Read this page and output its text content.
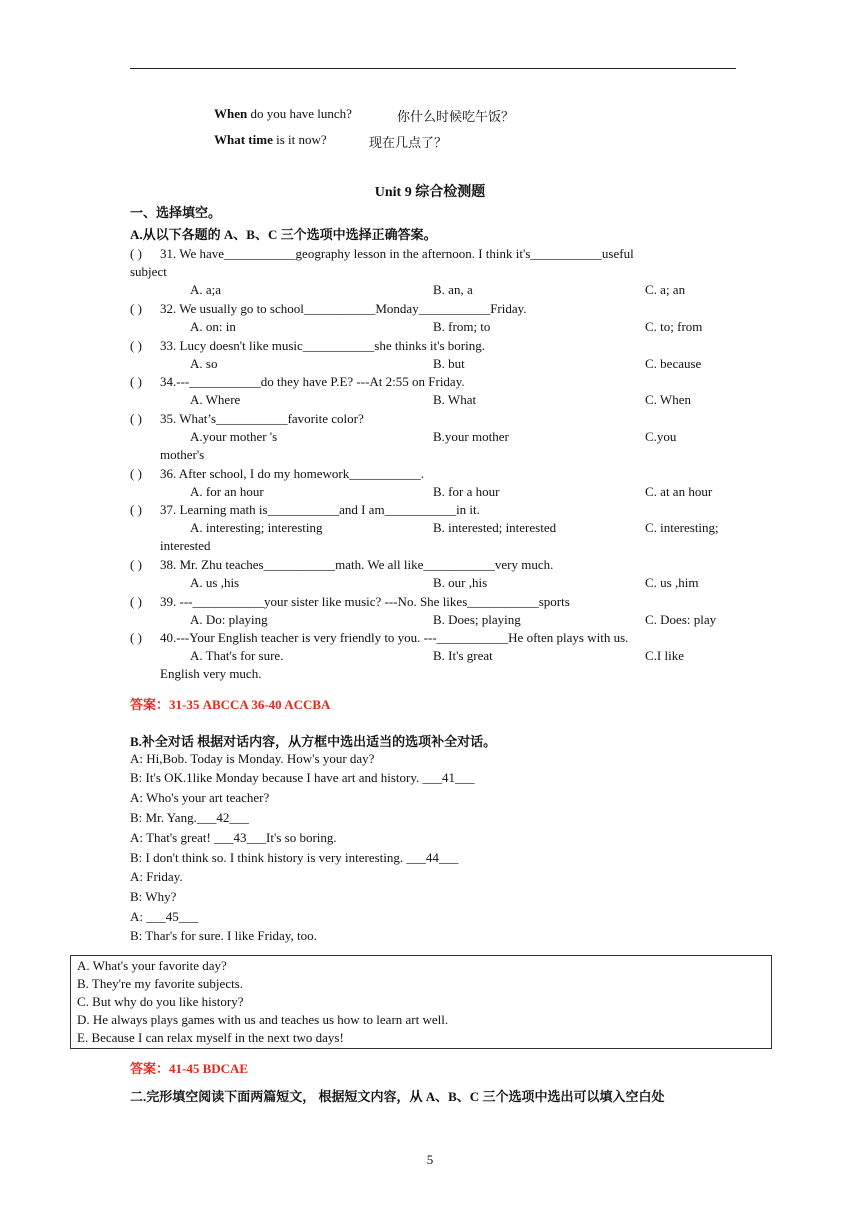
When do you have lunch?	你什么时候吃午饭？
What time is it now?	现在几点了？
Unit 9 综合检测题
一、选择填空。
A.从以下各题的 A、B、C 三个选项中选择正确答案。
( ) 31. We have___________geography lesson in the afternoon. I think it's___________useful
subject
A. a;a	B. an, a	C. a; an
( ) 32. We usually go to school___________Monday___________Friday.
A. on: in	B. from; to	C. to; from
( ) 33. Lucy doesn't like music___________she thinks it's boring.
A. so	B. but	C. because
( ) 34.---___________do they have P.E? ---At 2:55 on Friday.
A. Where	B. What	C. When
( ) 35. What’s___________favorite color?
A.your mother 's	B.your mother	C.you
mother's
( ) 36. After school, I do my homework___________.
A. for an hour	B. for a hour	C. at an hour
( ) 37. Learning math is___________and I am___________in it.
A. interesting; interesting	B. interested; interested	C. interesting;
interested
( ) 38. Mr. Zhu teaches___________math. We all like___________very much.
A. us ,his	B. our ,his	C. us ,him
( ) 39. ---___________your sister like music? ---No. She likes___________sports
A. Do: playing	B. Does; playing	C. Does: play
( ) 40.---Your English teacher is very friendly to you. ---___________He often plays with us.
A. That's for sure.	B. It's great	C.I like
English very much.
答案：31-35 ABCCA 36-40 ACCBA
B.补全对话 根据对话内容，从方框中选出适当的选项补全对话。
A: Hi,Bob. Today is Monday. How's your day?
B: It's OK.1like Monday because I have art and history. ___41___
A: Who's your art teacher?
B: Mr. Yang.___42___
A: That's great! ___43___It's so boring.
B: I don't think so. I think history is very interesting. ___44___
A: Friday.
B: Why?
A: ___45___
B: Thar's for sure. I like Friday, too.
A. What's your favorite day?
B. They're my favorite subjects.
C. But why do you like history?
D. He always plays games with us and teaches us how to learn art well.
E. Because I can relax myself in the next two days!
答案：41-45 BDCAE
二.完形填空阅读下面两篇短文， 根据短文内容，从 A、B、C 三个选项中选出可以填入空白处
5
